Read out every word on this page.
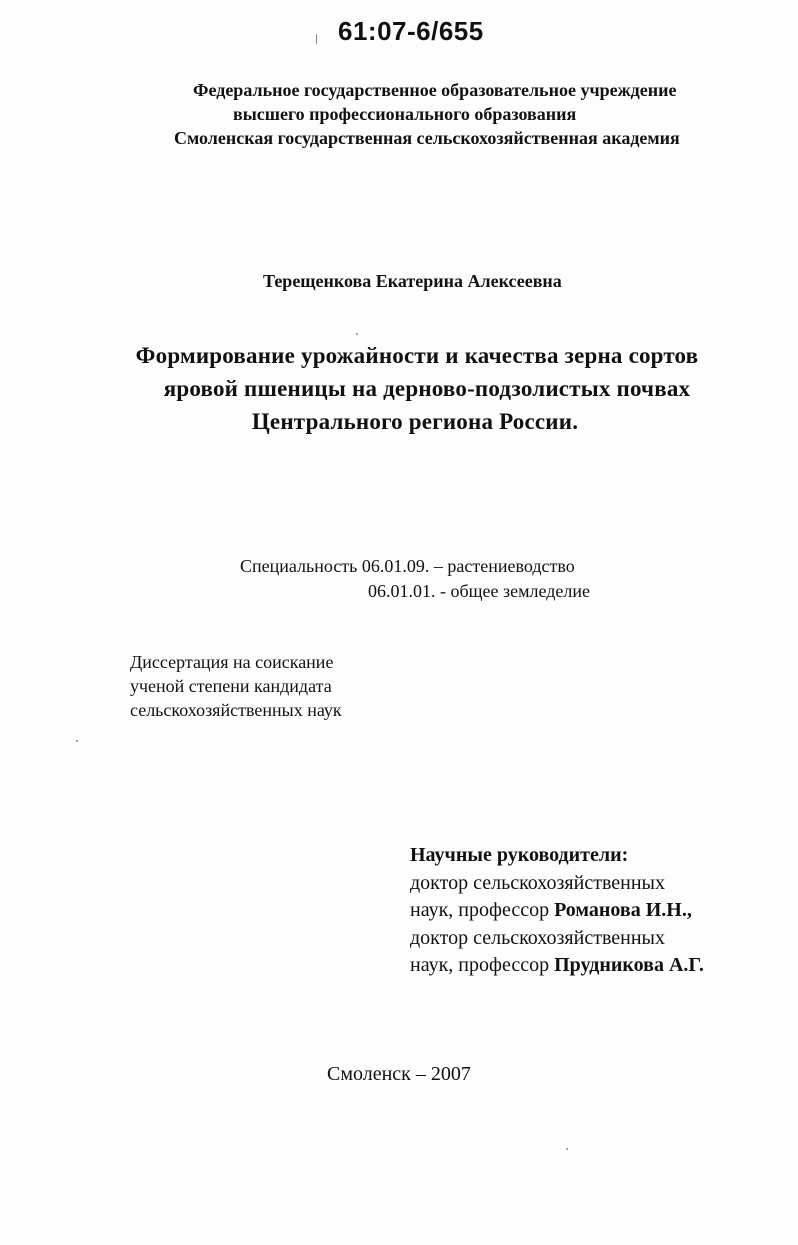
61:07-6/655
Федеральное государственное образовательное учреждение
высшего профессионального образования
Смоленская государственная сельскохозяйственная академия
Терещенкова Екатерина Алексеевна
Формирование урожайности и качества зерна сортов
яровой пшеницы на дерново-подзолистых почвах
Центрального региона России.
Специальность 06.01.09. – растениеводство
06.01.01. - общее земледелие
Диссертация на соискание
ученой степени кандидата
сельскохозяйственных наук
Научные руководители:
доктор сельскохозяйственных
наук, профессор Романова И.Н.,
доктор сельскохозяйственных
наук, профессор Прудникова А.Г.
Смоленск – 2007
